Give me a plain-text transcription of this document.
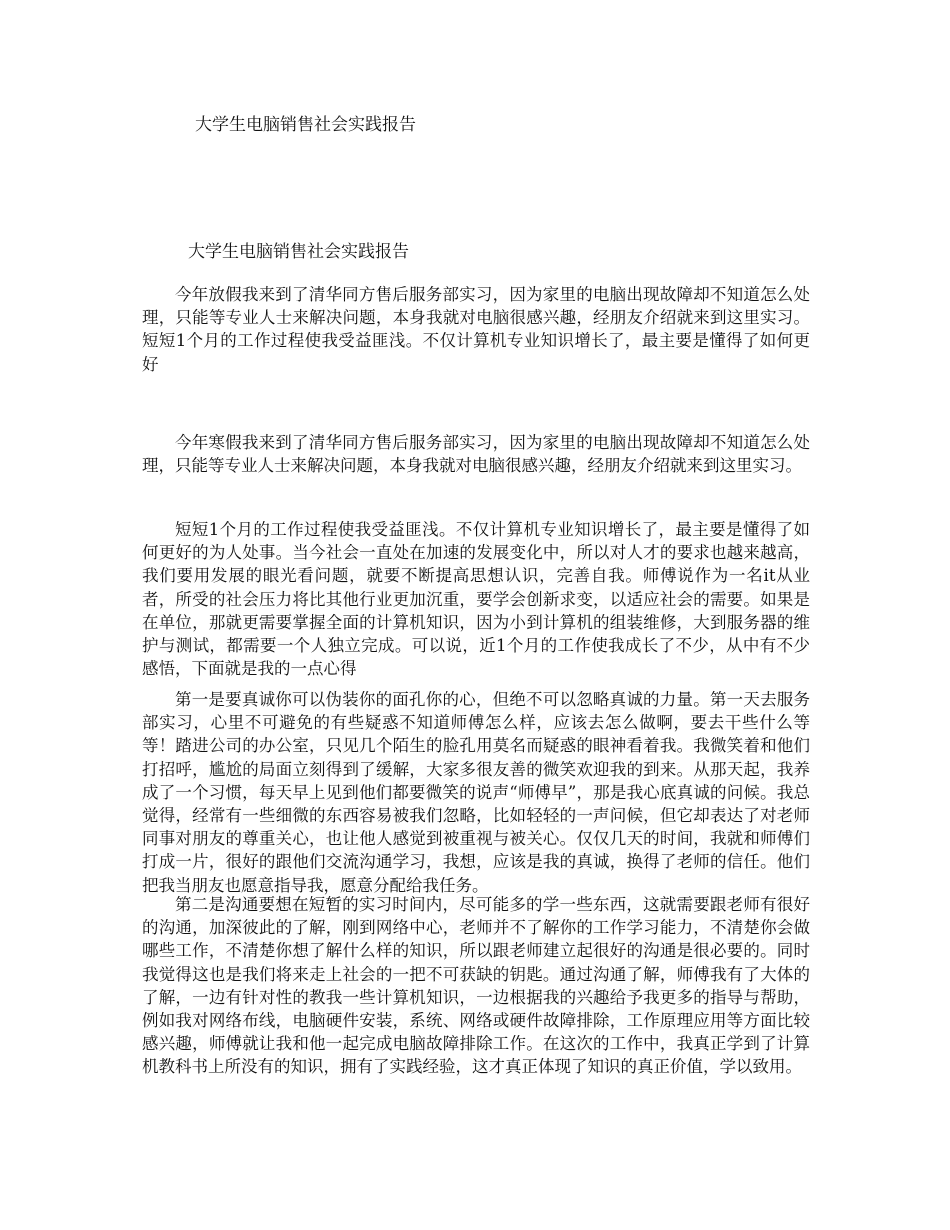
大学生电脑销售社会实践报告
大学生电脑销售社会实践报告

今年放假我来到了清华同方售后服务部实习，因为家里的电脑出现故障却不知道怎么处理，只能等专业人士来解决问题，本身我就对电脑很感兴趣，经朋友介绍就来到这里实习。短短1个月的工作过程使我受益匪浅。不仅计算机专业知识增长了，最主要是懂得了如何更好

今年寒假我来到了清华同方售后服务部实习，因为家里的电脑出现故障却不知道怎么处理，只能等专业人士来解决问题，本身我就对电脑很感兴趣，经朋友介绍就来到这里实习。

短短1个月的工作过程使我受益匪浅。不仅计算机专业知识增长了，最主要是懂得了如何更好的为人处事。当今社会一直处在加速的发展变化中，所以对人才的要求也越来越高，我们要用发展的眼光看问题，就要不断提高思想认识，完善自我。师傅说作为一名it从业者，所受的社会压力将比其他行业更加沉重，要学会创新求变，以适应社会的需要。如果是在单位，那就更需要掌握全面的计算机知识，因为小到计算机的组装维修，大到服务器的维护与测试，都需要一个人独立完成。可以说，近1个月的工作使我成长了不少，从中有不少感悟，下面就是我的一点心得

第一是要真诚你可以伪装你的面孔你的心，但绝不可以忽略真诚的力量。第一天去服务部实习，心里不可避免的有些疑惑不知道师傅怎么样，应该去怎么做啊，要去干些什么等等！踏进公司的办公室，只见几个陌生的脸孔用莫名而疑惑的眼神看着我。我微笑着和他们打招呼，尴尬的局面立刻得到了缓解，大家多很友善的微笑欢迎我的到来。从那天起，我养成了一个习惯，每天早上见到他们都要微笑的说声“师傅早”，那是我心底真诚的问候。我总觉得，经常有一些细微的东西容易被我们忽略，比如轻轻的一声问候，但它却表达了对老师同事对朋友的尊重关心，也让他人感觉到被重视与被关心。仅仅几天的时间，我就和师傅们打成一片，很好的跟他们交流沟通学习，我想，应该是我的真诚，换得了老师的信任。他们把我当朋友也愿意指导我，愿意分配给我任务。

第二是沟通要想在短暂的实习时间内，尽可能多的学一些东西，这就需要跟老师有很好的沟通，加深彼此的了解，刚到网络中心，老师并不了解你的工作学习能力，不清楚你会做哪些工作，不清楚你想了解什么样的知识，所以跟老师建立起很好的沟通是很必要的。同时我觉得这也是我们将来走上社会的一把不可获缺的钥匙。通过沟通了解，师傅我有了大体的了解，一边有针对性的教我一些计算机知识，一边根据我的兴趣给予我更多的指导与帮助，例如我对网络布线，电脑硬件安装，系统、网络或硬件故障排除，工作原理应用等方面比较感兴趣，师傅就让我和他一起完成电脑故障排除工作。在这次的工作中，我真正学到了计算机教科书上所没有的知识，拥有了实践经验，这才真正体现了知识的真正价值，学以致用。
